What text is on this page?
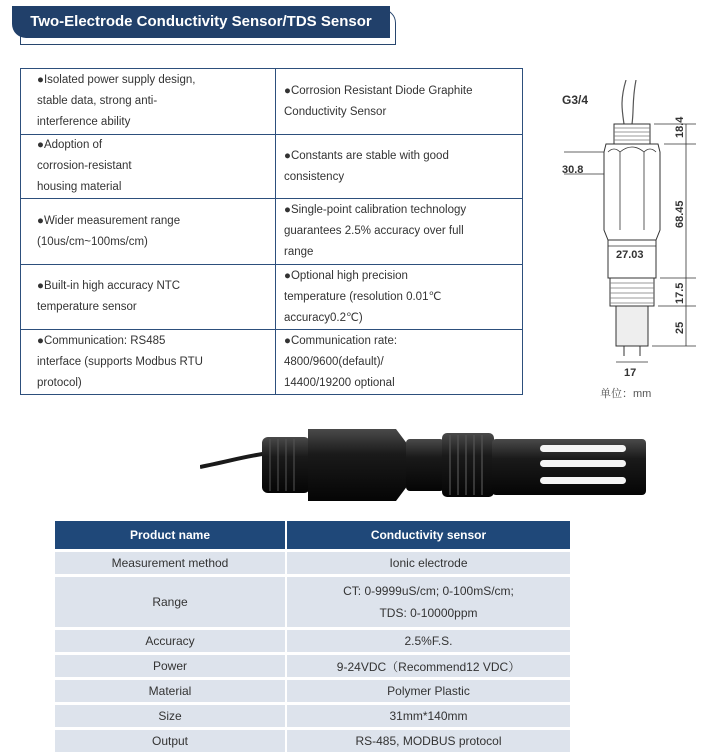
Two-Electrode Conductivity Sensor/TDS Sensor
●Isolated power supply design,
stable data, strong anti-
interference ability	●Corrosion Resistant Diode Graphite
Conductivity Sensor

●Adoption of
corrosion-resistant
housing material	●Constants are stable with good
consistency

●Wider measurement range
(10us/cm~100ms/cm)	●Single-point calibration technology
guarantees 2.5% accuracy over full
range

●Built-in high accuracy NTC
temperature sensor	●Optional high precision
temperature (resolution 0.01℃
accuracy0.2℃)

●Communication: RS485
interface (supports Modbus RTU
protocol)	●Communication rate:
4800/9600(default)/
14400/19200 optional
G3/4
30.8
27.03
17
18.4
68.45
17.5
25
单位：mm
Product name	Conductivity sensor
Measurement method	Ionic electrode
Range	CT: 0-9999uS/cm; 0-100mS/cm;
TDS: 0-10000ppm

Accuracy	2.5%F.S.
Power	9-24VDC（Recommend12 VDC）
Material	Polymer Plastic
Size	31mm*140mm
Output	RS-485, MODBUS protocol
